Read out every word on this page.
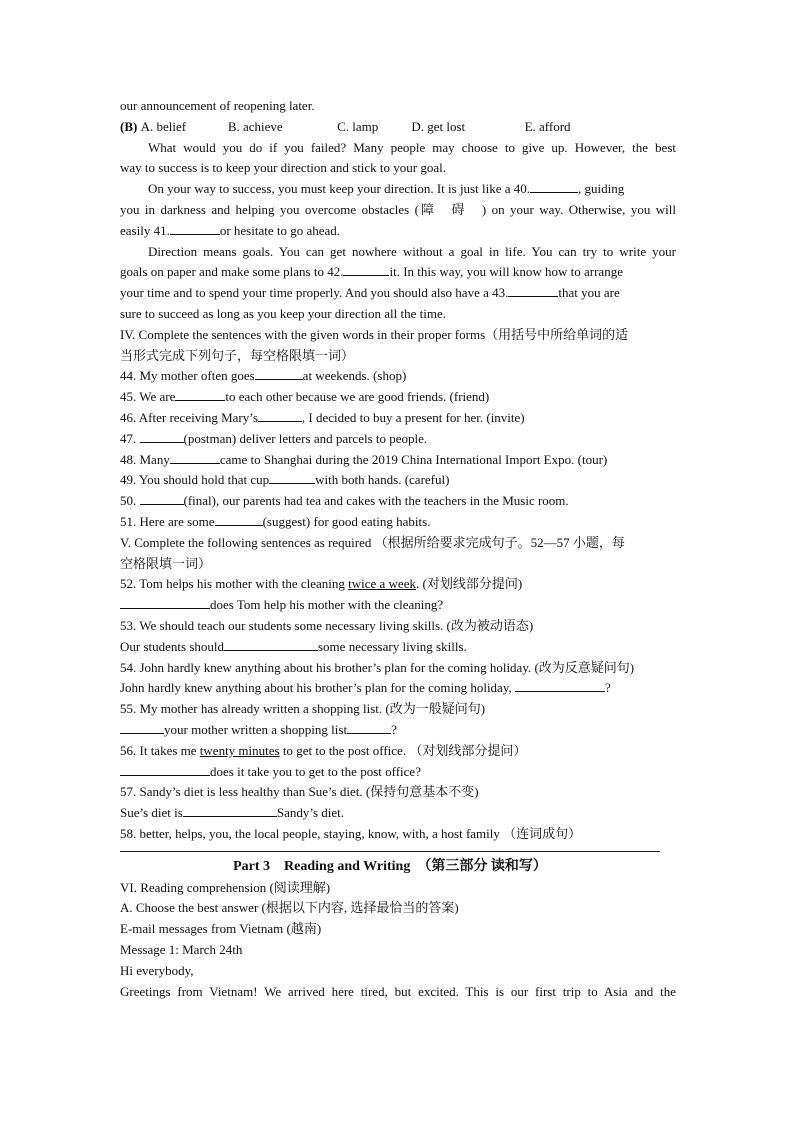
our announcement of reopening later.
(B) A. belief	B. achieve	C. lamp	D. get lost	E. afford
What would you do if you failed? Many people may choose to give up. However, the best
way to success is to keep your direction and stick to your goal.
On your way to success, you must keep your direction. It is just like a 40.	, guiding
you in darkness and helping you overcome obstacles (障　碍　) on your way. Otherwise, you will
easily 41.	or hesitate to go ahead.
Direction means goals. You can get nowhere without a goal in life. You can try to write your
goals on paper and make some plans to 42.	it. In this way, you will know how to arrange
your time and to spend your time properly. And you should also have a 43.	that you are
sure to succeed as long as you keep your direction all the time.
IV. Complete the sentences with the given words in their proper forms（用括号中所给单词的适
当形式完成下列句子，每空格限填一词）
44. My mother often goes	at weekends. (shop)
45. We are	to each other because we are good friends. (friend)
46. After receiving Mary’s	, I decided to buy a present for her. (invite)
47.	(postman) deliver letters and parcels to people.
48. Many	came to Shanghai during the 2019 China International Import Expo. (tour)
49. You should hold that cup	with both hands. (careful)
50.	(final), our parents had tea and cakes with the teachers in the Music room.
51. Here are some	(suggest) for good eating habits.
V. Complete the following sentences as required （根据所给要求完成句子。52—57 小题，每
空格限填一词）
52. Tom helps his mother with the cleaning twice a week. (对划线部分提问)
does Tom help his mother with the cleaning?
53. We should teach our students some necessary living skills. (改为被动语态)
Our students should	some necessary living skills.
54. John hardly knew anything about his brother’s plan for the coming holiday. (改为反意疑问句)
John hardly knew anything about his brother’s plan for the coming holiday,	?
55. My mother has already written a shopping list. (改为一般疑问句)
your mother written a shopping list	?
56. It takes me twenty minutes to get to the post office. （对划线部分提问）
does it take you to get to the post office?
57. Sandy’s diet is less healthy than Sue’s diet. (保持句意基本不变)
Sue’s diet is	Sandy’s diet.
58. better, helps, you, the local people, staying, know, with, a host family （连词成句）
Part 3　Reading and Writing　（第三部分 读和写）
VI. Reading comprehension (阅读理解)
A. Choose the best answer (根据以下内容, 选择最恰当的答案)
E-mail messages from Vietnam (越南)
Message 1: March 24th
Hi everybody,
Greetings from Vietnam! We arrived here tired, but excited. This is our first trip to Asia and the
